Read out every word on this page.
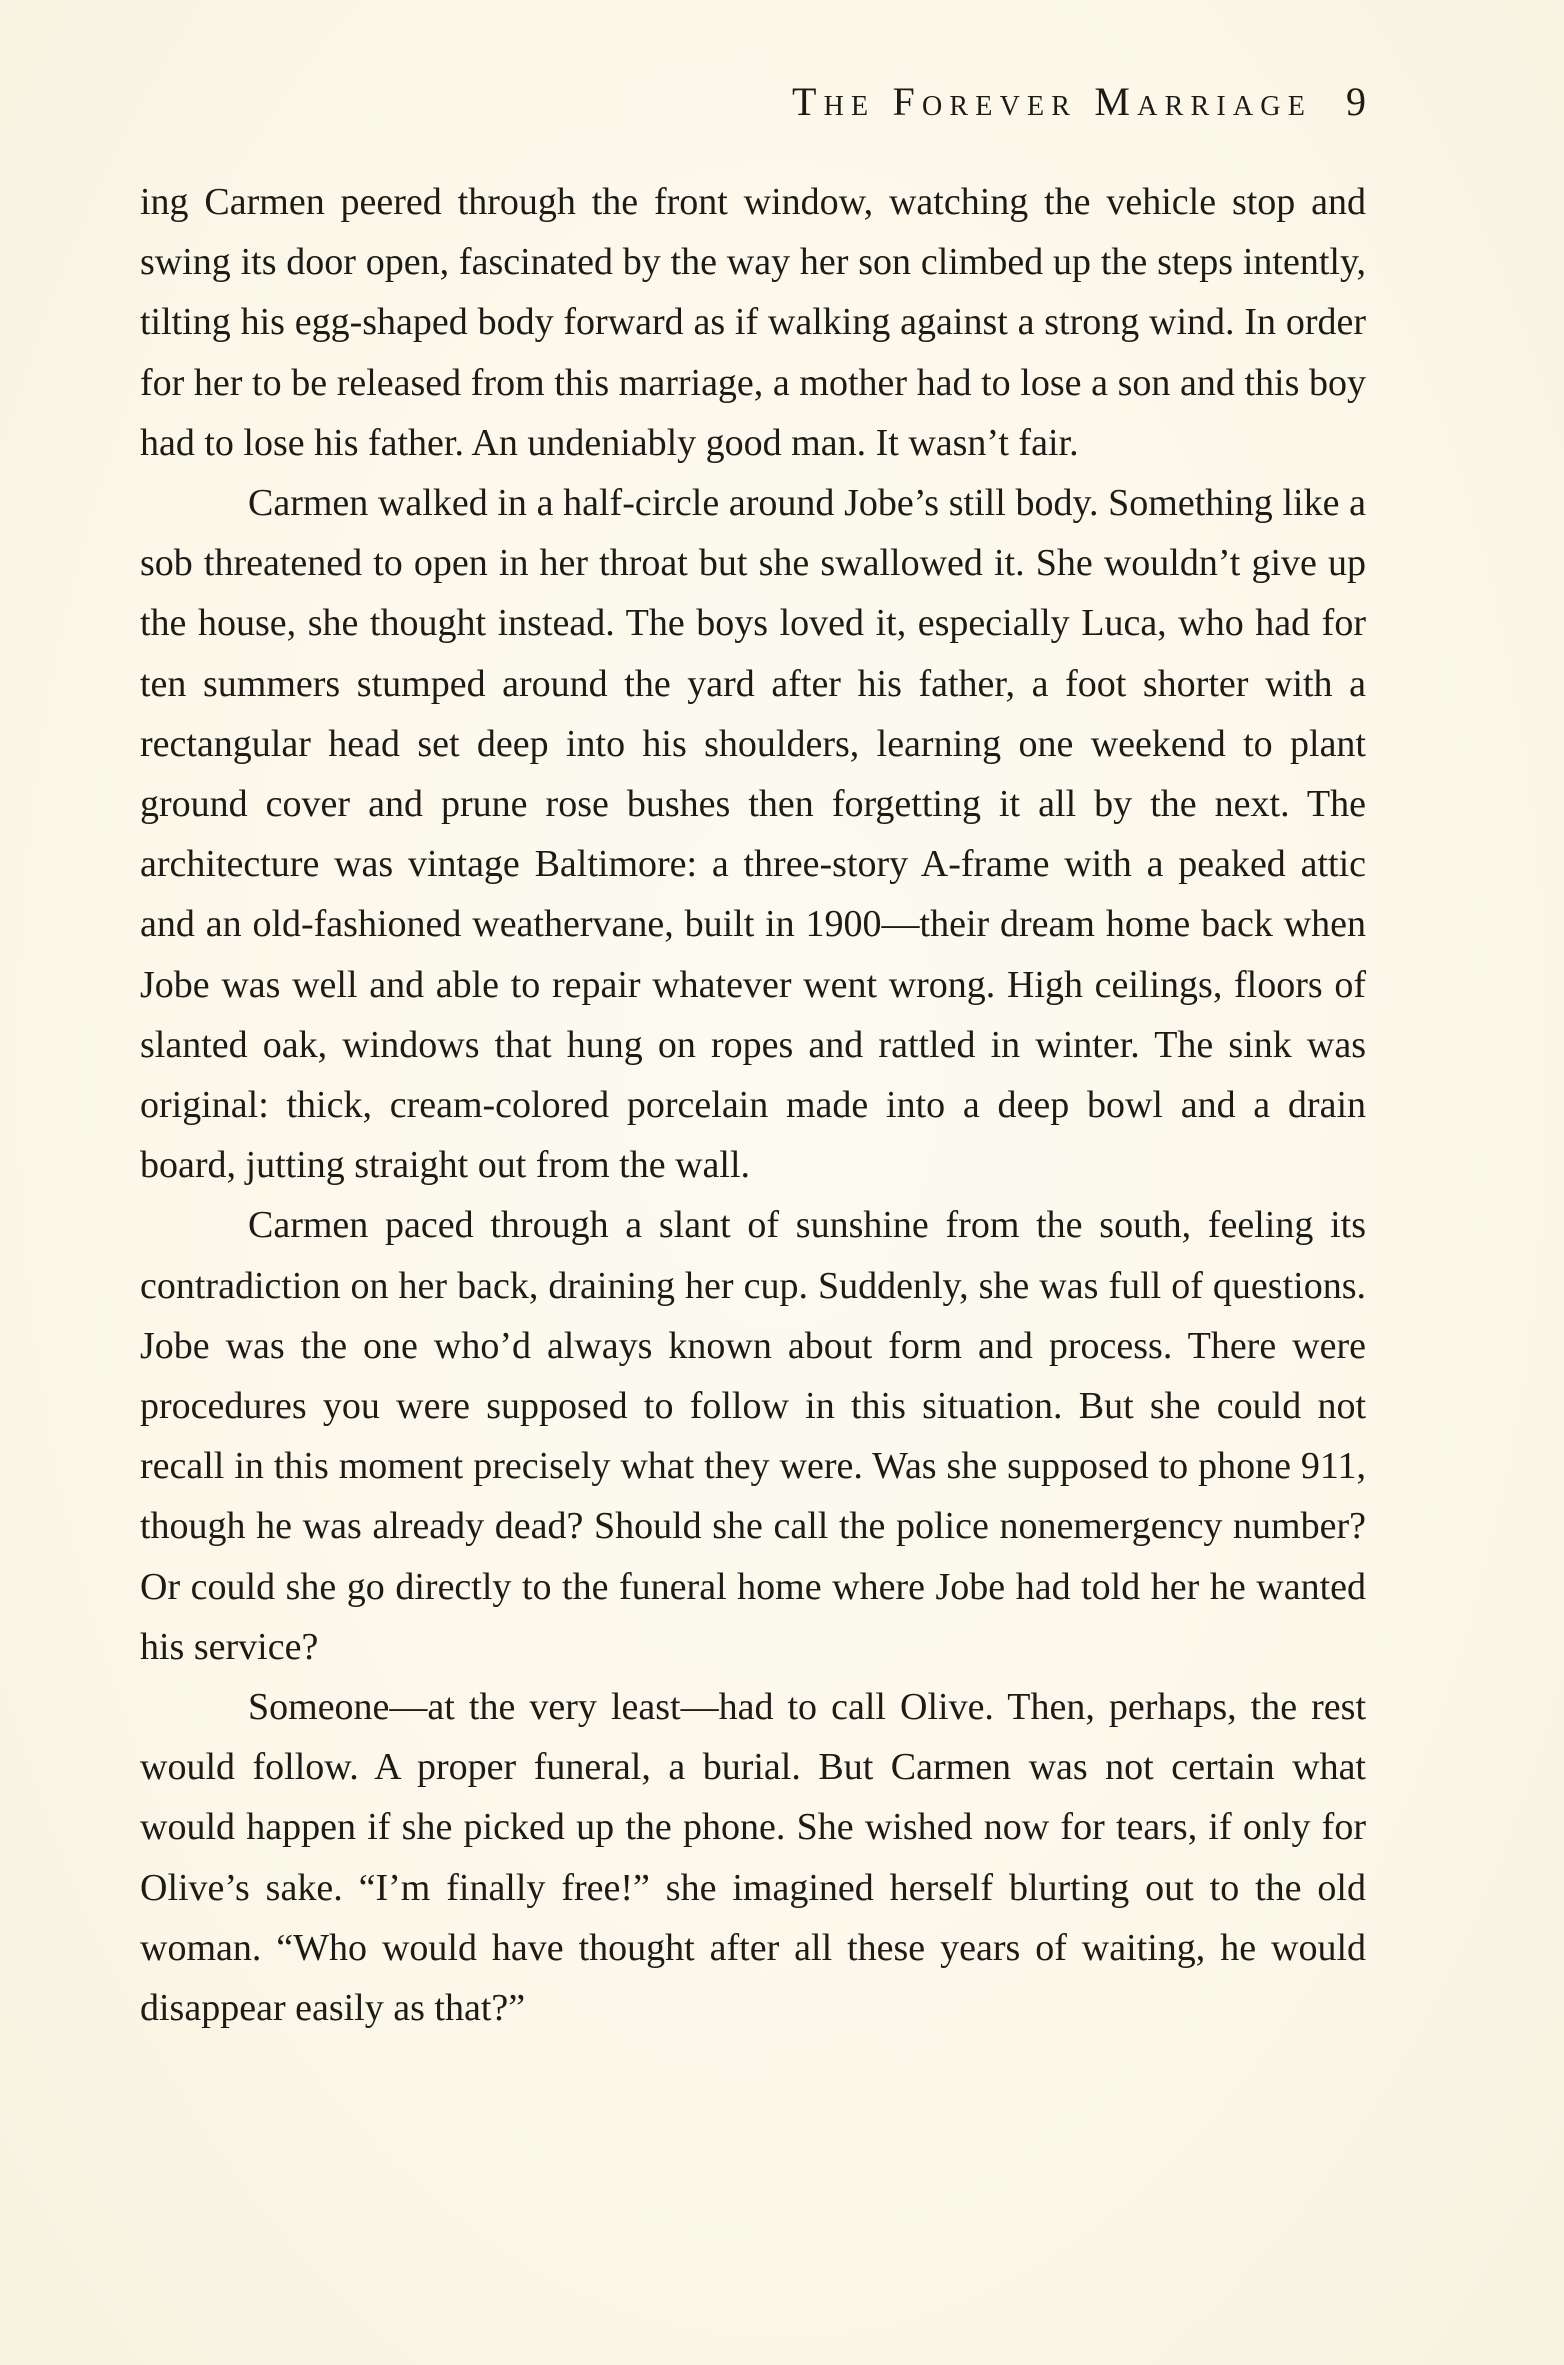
The Forever Marriage 9

ing Carmen peered through the front window, watching the vehicle stop and swing its door open, fascinated by the way her son climbed up the steps intently, tilting his egg-shaped body forward as if walking against a strong wind. In order for her to be released from this marriage, a mother had to lose a son and this boy had to lose his father. An undeniably good man. It wasn’t fair.

Carmen walked in a half-circle around Jobe’s still body. Something like a sob threatened to open in her throat but she swallowed it. She wouldn’t give up the house, she thought instead. The boys loved it, especially Luca, who had for ten summers stumped around the yard after his father, a foot shorter with a rectangular head set deep into his shoulders, learning one weekend to plant ground cover and prune rose bushes then forgetting it all by the next. The architecture was vintage Baltimore: a three-story A-frame with a peaked attic and an old-fashioned weathervane, built in 1900—their dream home back when Jobe was well and able to repair whatever went wrong. High ceilings, floors of slanted oak, windows that hung on ropes and rattled in winter. The sink was original: thick, cream-colored porcelain made into a deep bowl and a drain board, jutting straight out from the wall.

Carmen paced through a slant of sunshine from the south, feeling its contradiction on her back, draining her cup. Suddenly, she was full of questions. Jobe was the one who’d always known about form and process. There were procedures you were supposed to follow in this situation. But she could not recall in this moment precisely what they were. Was she supposed to phone 911, though he was already dead? Should she call the police nonemergency number? Or could she go directly to the funeral home where Jobe had told her he wanted his service?

Someone—at the very least—had to call Olive. Then, perhaps, the rest would follow. A proper funeral, a burial. But Carmen was not certain what would happen if she picked up the phone. She wished now for tears, if only for Olive’s sake. “I’m finally free!” she imagined herself blurting out to the old woman. “Who would have thought after all these years of waiting, he would disappear easily as that?”
